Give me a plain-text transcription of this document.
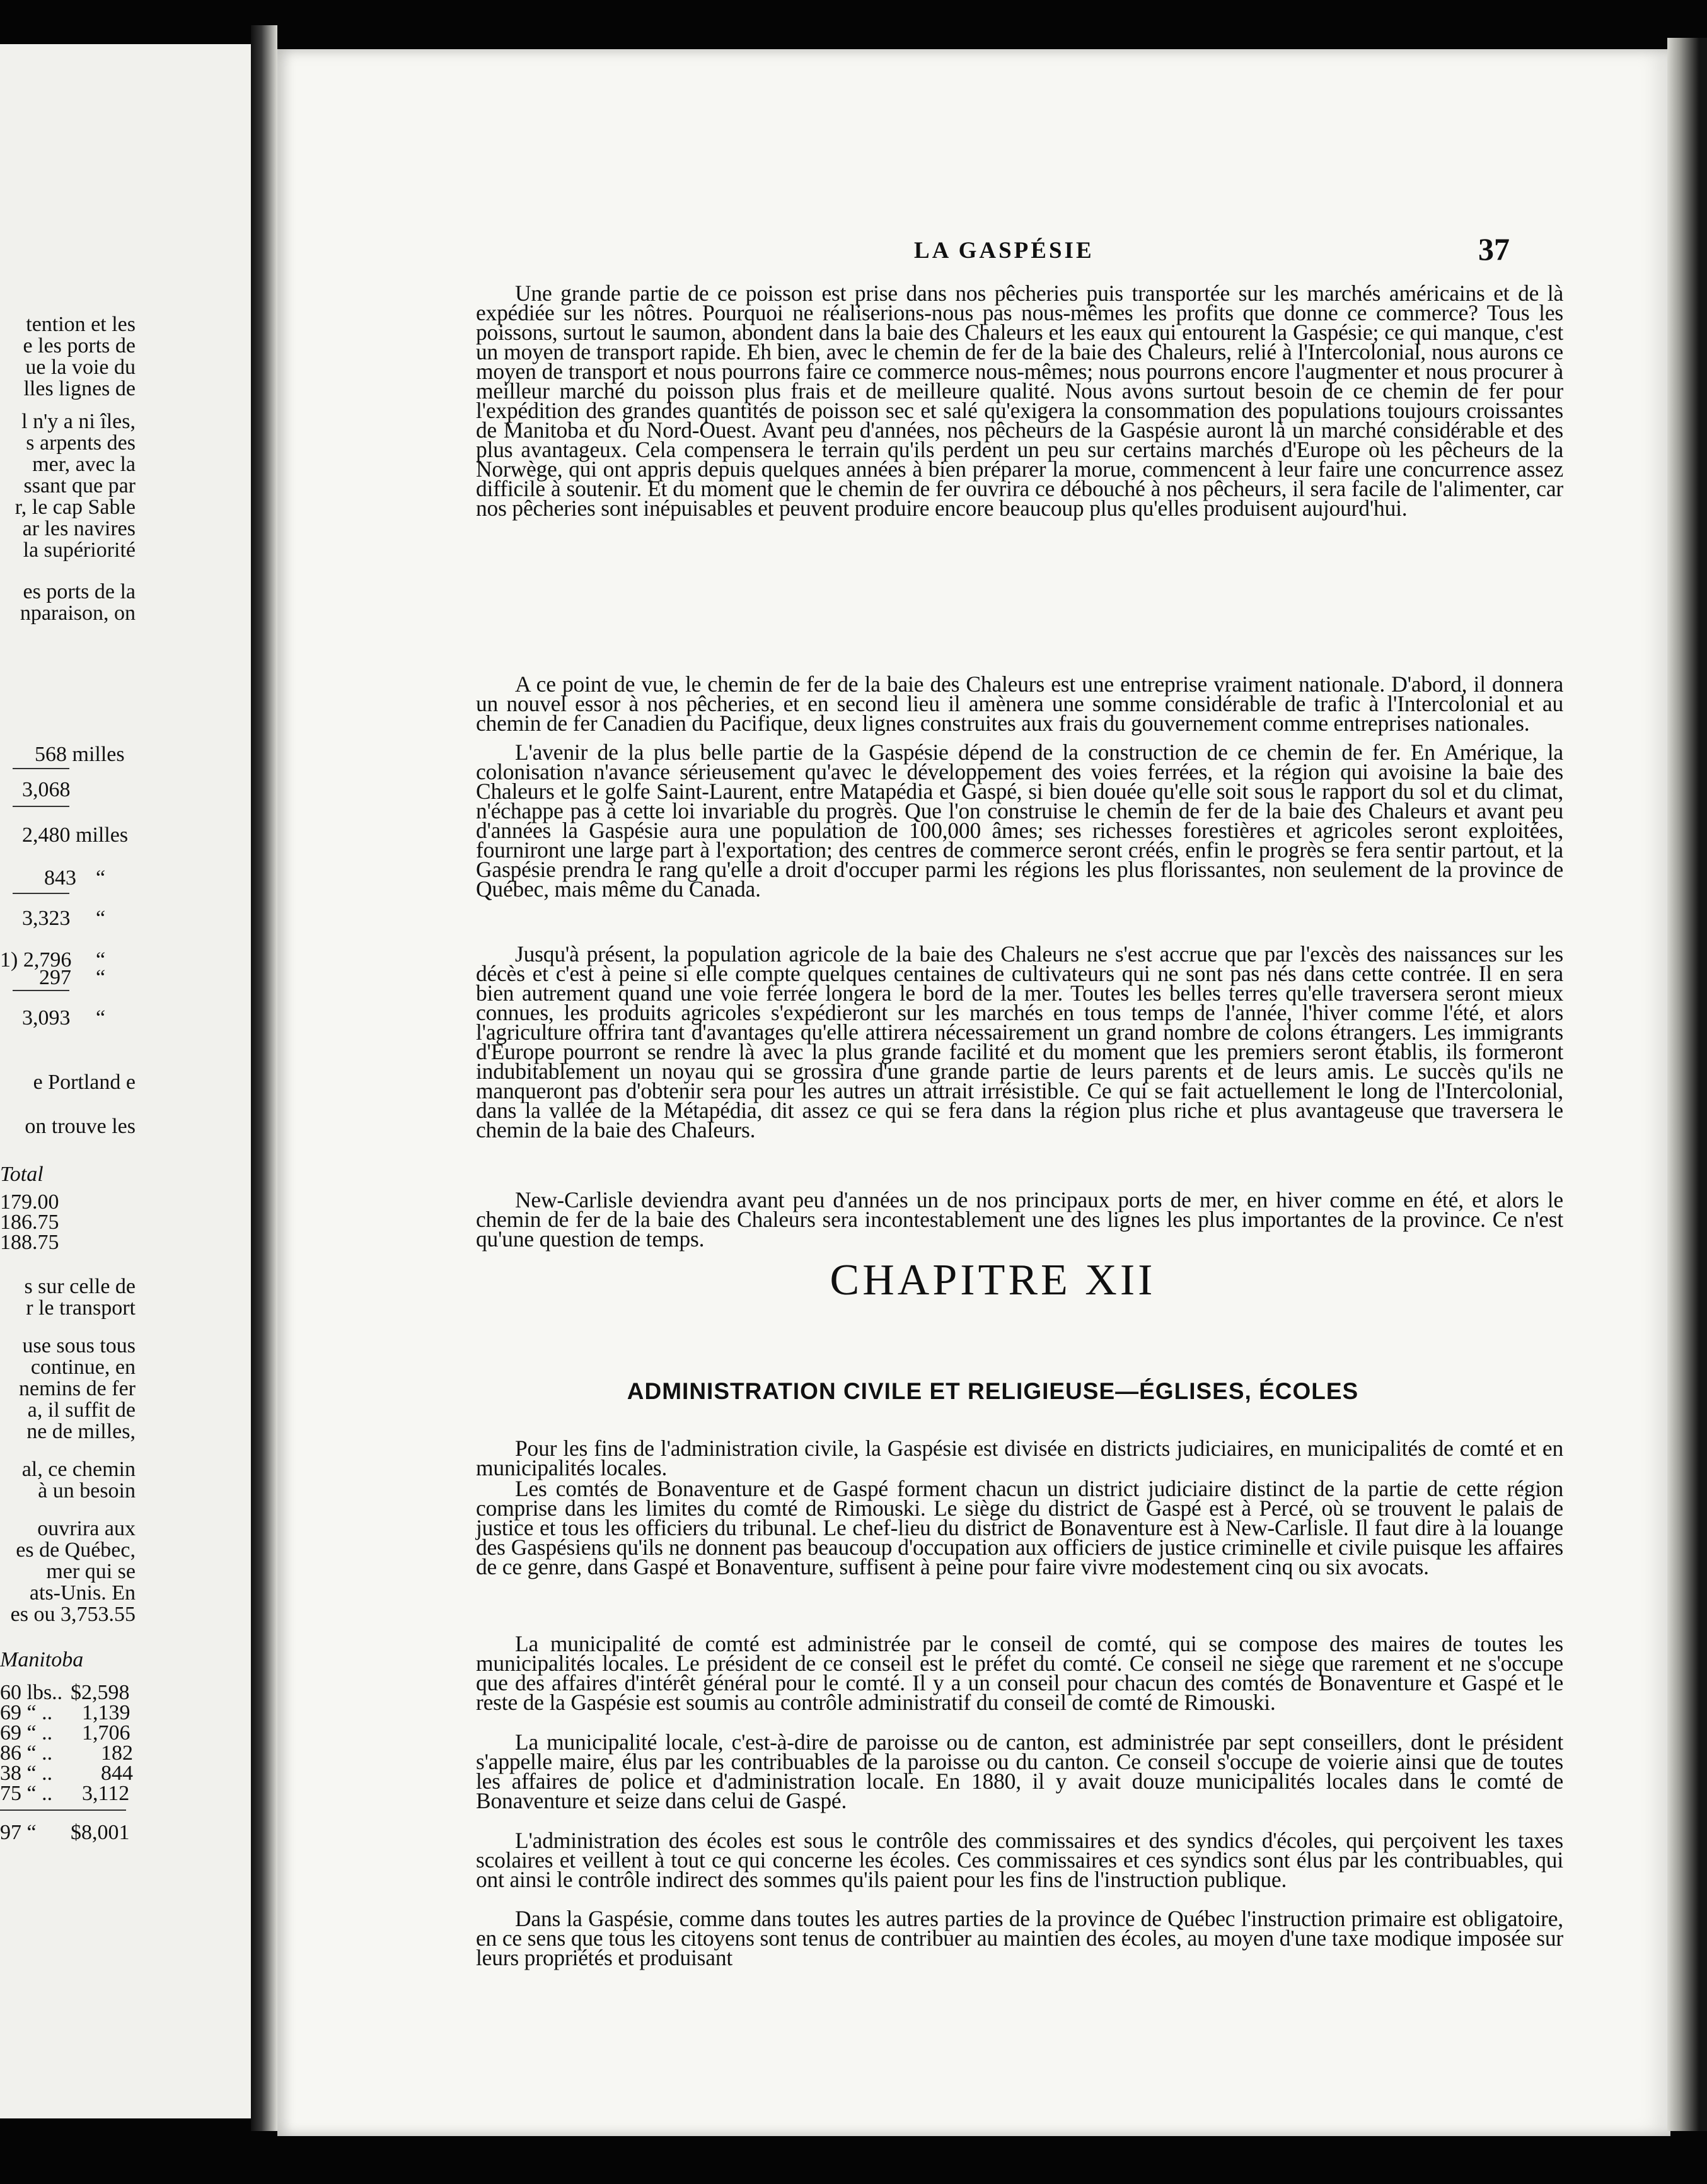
tention et les
e les ports de
ue la voie du
lles lignes de
l n'y a ni îles,
s arpents des
mer, avec la
ssant que par
r, le cap Sable
ar les navires
la supériorité
es ports de la
nparaison, on
568 milles
3,068
2,480 milles
843 “
3,323 “
1) 2,796 “
297 “
3,093 “
e Portland e
on trouve les
Total
179.00
186.75
188.75
s sur celle de
r le transport
use sous tous
continue, en
nemins de fer
a, il suffit de
ne de milles,
al, ce chemin
à un besoin
ouvrira aux
es de Québec,
mer qui se
ats-Unis. En
es ou 3,753.55
Manitoba
60 lbs.. $2,598
69 “ .. 1,139
69 “ .. 1,706
86 “ .. 182
38 “ .. 844
75 “ .. 3,112
97 “ $8,001
LA GASPÉSIE	37

Une grande partie de ce poisson est prise dans nos pêcheries puis transportée sur les marchés américains et de là expédiée sur les nôtres. Pourquoi ne réaliserions-nous pas nous-mêmes les profits que donne ce commerce? Tous les poissons, surtout le saumon, abondent dans la baie des Chaleurs et les eaux qui entourent la Gaspésie; ce qui manque, c'est un moyen de transport rapide. Eh bien, avec le chemin de fer de la baie des Chaleurs, relié à l'Intercolonial, nous aurons ce moyen de transport et nous pourrons faire ce commerce nous-mêmes; nous pourrons encore l'augmenter et nous procurer à meilleur marché du poisson plus frais et de meilleure qualité. Nous avons surtout besoin de ce chemin de fer pour l'expédition des grandes quantités de poisson sec et salé qu'exigera la consommation des populations toujours croissantes de Manitoba et du Nord-Ouest. Avant peu d'années, nos pêcheurs de la Gaspésie auront là un marché considérable et des plus avantageux. Cela compensera le terrain qu'ils perdent un peu sur certains marchés d'Europe où les pêcheurs de la Norwège, qui ont appris depuis quelques années à bien préparer la morue, commencent à leur faire une concurrence assez difficile à soutenir. Et du moment que le chemin de fer ouvrira ce débouché à nos pêcheurs, il sera facile de l'alimenter, car nos pêcheries sont inépuisables et peuvent produire encore beaucoup plus qu'elles produisent aujourd'hui.

A ce point de vue, le chemin de fer de la baie des Chaleurs est une entreprise vraiment nationale. D'abord, il donnera un nouvel essor à nos pêcheries, et en second lieu il amènera une somme considérable de trafic à l'Intercolonial et au chemin de fer Canadien du Pacifique, deux lignes construites aux frais du gouvernement comme entreprises nationales.

L'avenir de la plus belle partie de la Gaspésie dépend de la construction de ce chemin de fer. En Amérique, la colonisation n'avance sérieusement qu'avec le développement des voies ferrées, et la région qui avoisine la baie des Chaleurs et le golfe Saint-Laurent, entre Matapédia et Gaspé, si bien douée qu'elle soit sous le rapport du sol et du climat, n'échappe pas à cette loi invariable du progrès. Que l'on construise le chemin de fer de la baie des Chaleurs et avant peu d'années la Gaspésie aura une population de 100,000 âmes; ses richesses forestières et agricoles seront exploitées, fourniront une large part à l'exportation; des centres de commerce seront créés, enfin le progrès se fera sentir partout, et la Gaspésie prendra le rang qu'elle a droit d'occuper parmi les régions les plus florissantes, non seulement de la province de Québec, mais même du Canada.

Jusqu'à présent, la population agricole de la baie des Chaleurs ne s'est accrue que par l'excès des naissances sur les décès et c'est à peine si elle compte quelques centaines de cultivateurs qui ne sont pas nés dans cette contrée. Il en sera bien autrement quand une voie ferrée longera le bord de la mer. Toutes les belles terres qu'elle traversera seront mieux connues, les produits agricoles s'expédieront sur les marchés en tous temps de l'année, l'hiver comme l'été, et alors l'agriculture offrira tant d'avantages qu'elle attirera nécessairement un grand nombre de colons étrangers. Les immigrants d'Europe pourront se rendre là avec la plus grande facilité et du moment que les premiers seront établis, ils formeront indubitablement un noyau qui se grossira d'une grande partie de leurs parents et de leurs amis. Le succès qu'ils ne manqueront pas d'obtenir sera pour les autres un attrait irrésistible. Ce qui se fait actuellement le long de l'Intercolonial, dans la vallée de la Métapédia, dit assez ce qui se fera dans la région plus riche et plus avantageuse que traversera le chemin de la baie des Chaleurs.

New-Carlisle deviendra avant peu d'années un de nos principaux ports de mer, en hiver comme en été, et alors le chemin de fer de la baie des Chaleurs sera incontestablement une des lignes les plus importantes de la province. Ce n'est qu'une question de temps.

CHAPITRE XII
ADMINISTRATION CIVILE ET RELIGIEUSE—ÉGLISES, ÉCOLES

Pour les fins de l'administration civile, la Gaspésie est divisée en districts judiciaires, en municipalités de comté et en municipalités locales.

Les comtés de Bonaventure et de Gaspé forment chacun un district judiciaire distinct de la partie de cette région comprise dans les limites du comté de Rimouski. Le siège du district de Gaspé est à Percé, où se trouvent le palais de justice et tous les officiers du tribunal. Le chef-lieu du district de Bonaventure est à New-Carlisle. Il faut dire à la louange des Gaspésiens qu'ils ne donnent pas beaucoup d'occupation aux officiers de justice criminelle et civile puisque les affaires de ce genre, dans Gaspé et Bonaventure, suffisent à peine pour faire vivre modestement cinq ou six avocats.

La municipalité de comté est administrée par le conseil de comté, qui se compose des maires de toutes les municipalités locales. Le président de ce conseil est le préfet du comté. Ce conseil ne siège que rarement et ne s'occupe que des affaires d'intérêt général pour le comté. Il y a un conseil pour chacun des comtés de Bonaventure et Gaspé et le reste de la Gaspésie est soumis au contrôle administratif du conseil de comté de Rimouski.

La municipalité locale, c'est-à-dire de paroisse ou de canton, est administrée par sept conseillers, dont le président s'appelle maire, élus par les contribuables de la paroisse ou du canton. Ce conseil s'occupe de voierie ainsi que de toutes les affaires de police et d'administration locale. En 1880, il y avait douze municipalités locales dans le comté de Bonaventure et seize dans celui de Gaspé.

L'administration des écoles est sous le contrôle des commissaires et des syndics d'écoles, qui perçoivent les taxes scolaires et veillent à tout ce qui concerne les écoles. Ces commissaires et ces syndics sont élus par les contribuables, qui ont ainsi le contrôle indirect des sommes qu'ils paient pour les fins de l'instruction publique.

Dans la Gaspésie, comme dans toutes les autres parties de la province de Québec l'instruction primaire est obligatoire, en ce sens que tous les citoyens sont tenus de contribuer au maintien des écoles, au moyen d'une taxe modique imposée sur leurs propriétés et produisant
